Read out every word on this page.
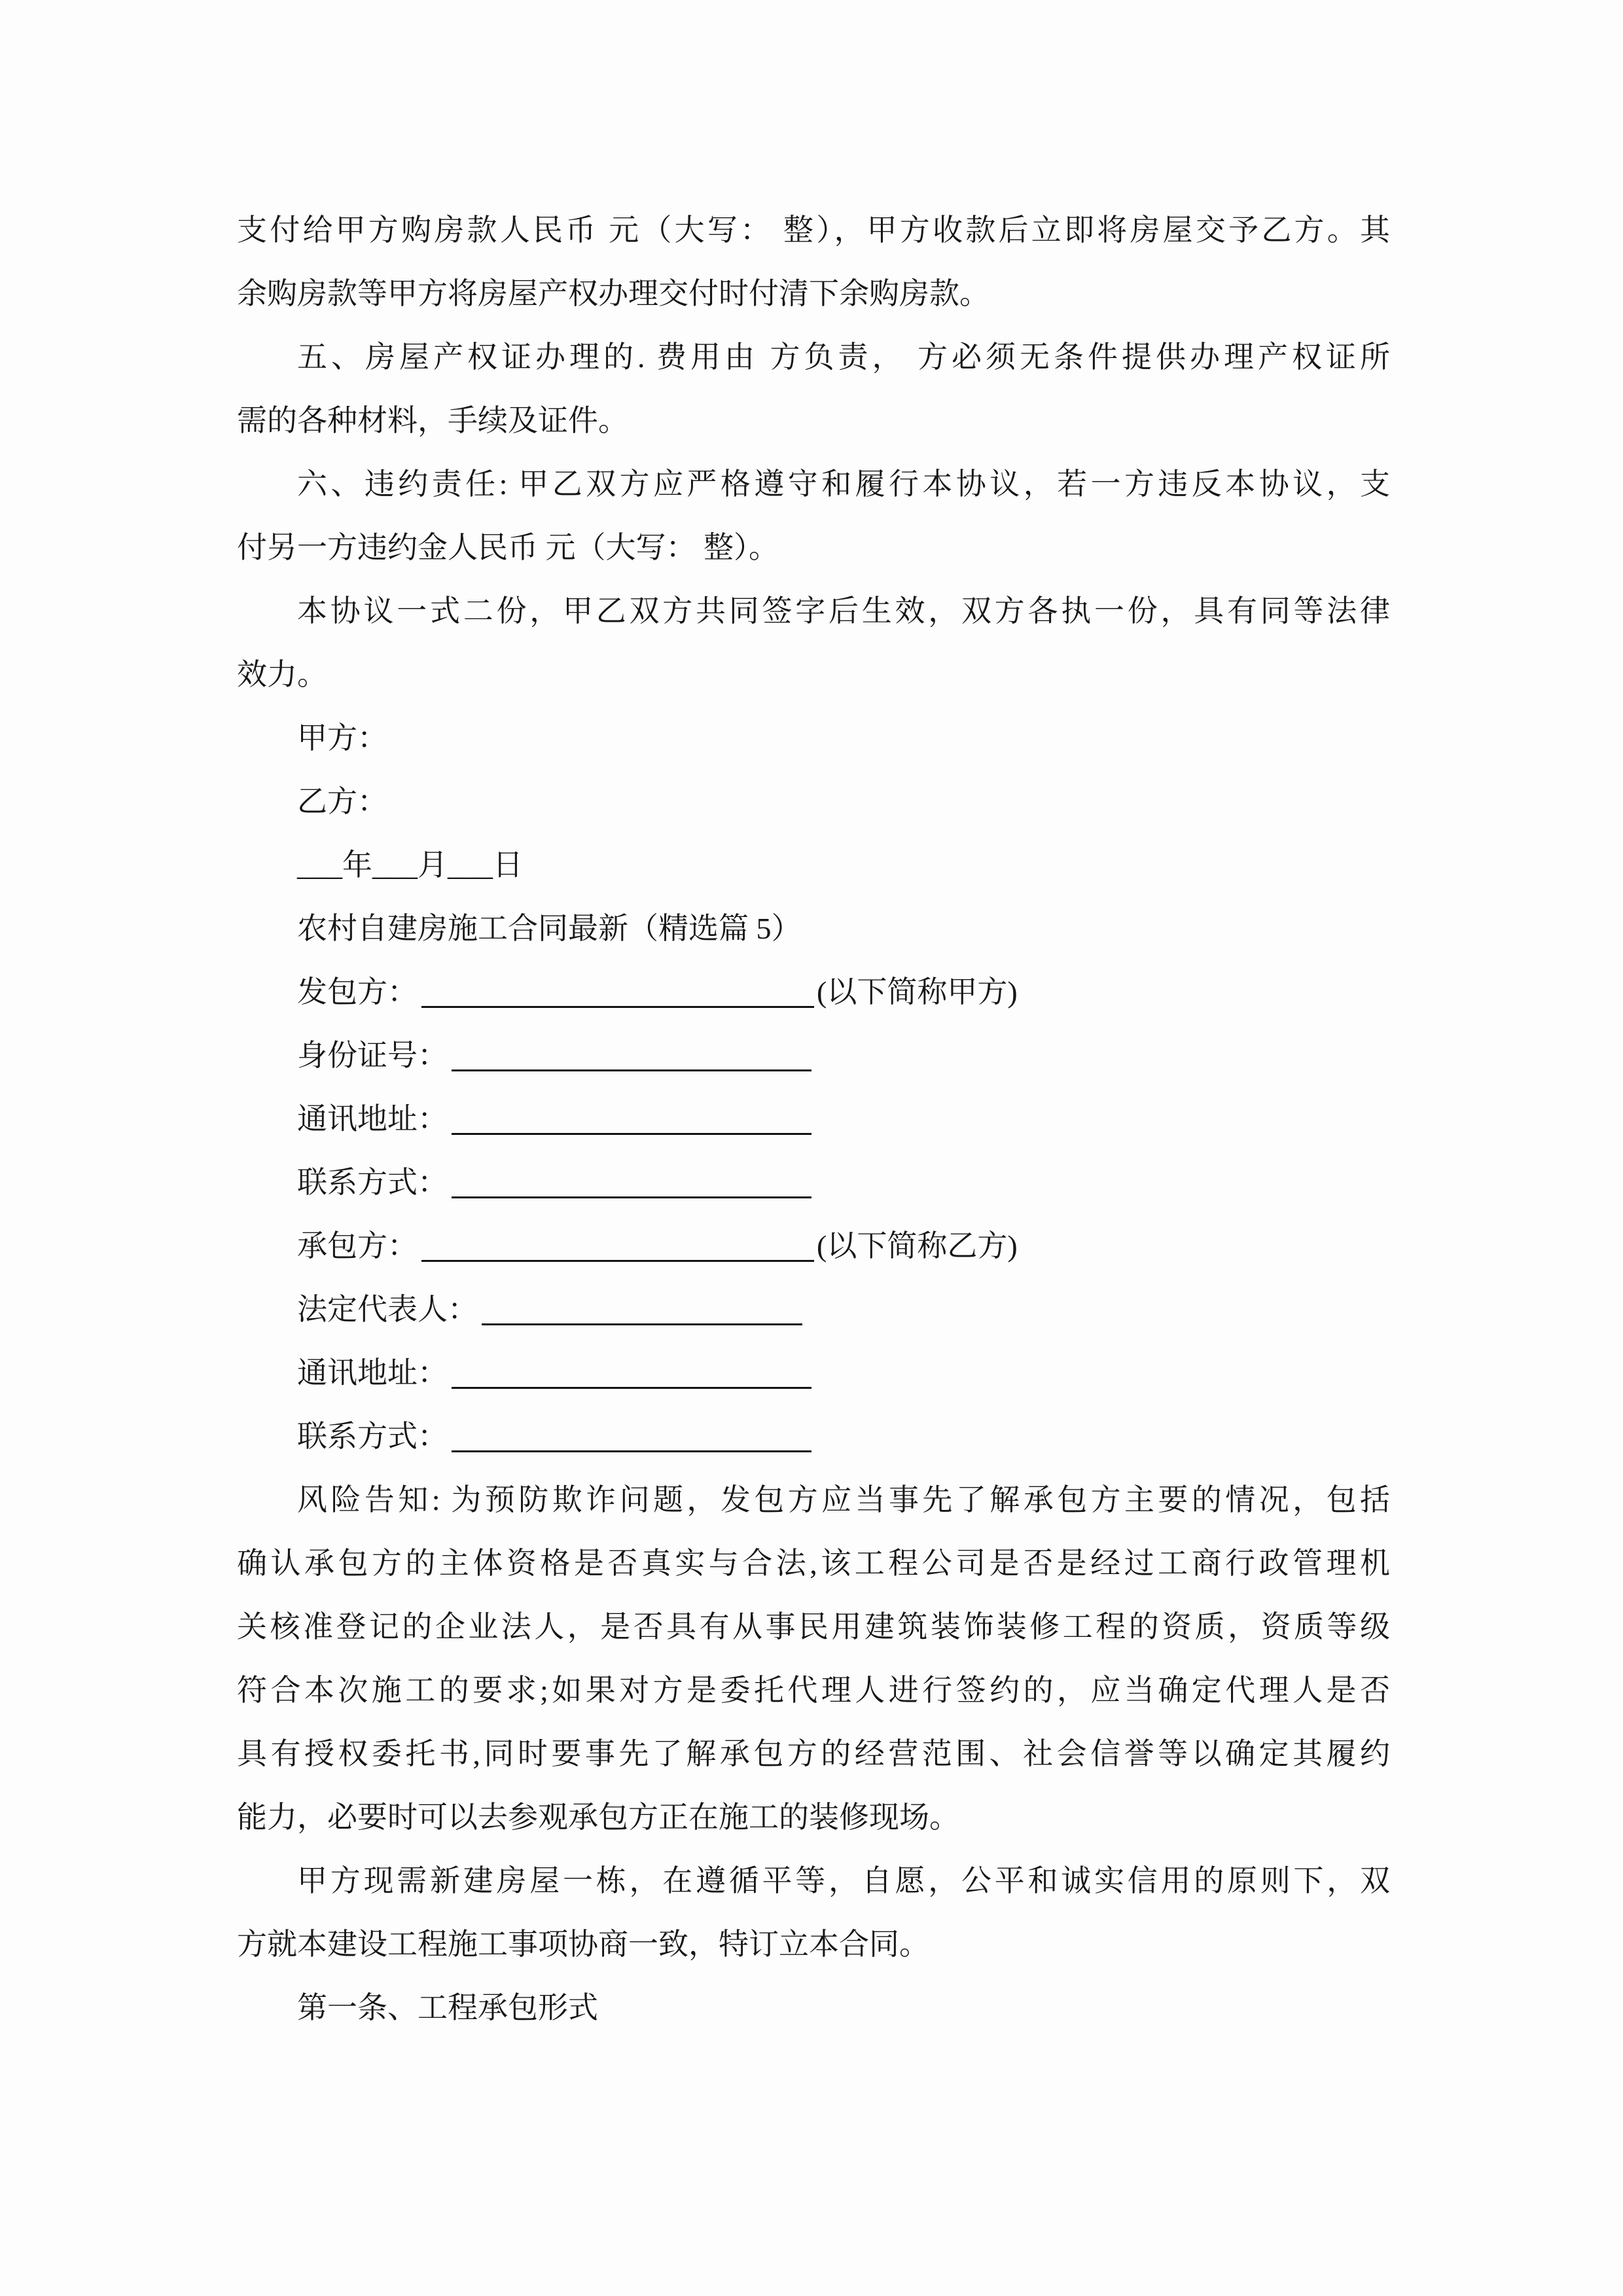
支付给甲方购房款人民币 元（大写： 整），甲方收款后立即将房屋交予乙方。其
余购房款等甲方将房屋产权办理交付时付清下余购房款。
五、房屋产权证办理的. 费用由 方负责， 方必须无条件提供办理产权证所
需的各种材料，手续及证件。
六、违约责任: 甲乙双方应严格遵守和履行本协议，若一方违反本协议，支
付另一方违约金人民币 元（大写： 整）。
本协议一式二份，甲乙双方共同签字后生效，双方各执一份，具有同等法律
效力。
甲方：
乙方：
___年___月___日
农村自建房施工合同最新（精选篇 5）
发包方：	(以下简称甲方)
身份证号：
通讯地址：
联系方式：
承包方：	(以下简称乙方)
法定代表人：
通讯地址：
联系方式：
风险告知: 为预防欺诈问题，发包方应当事先了解承包方主要的情况，包括
确认承包方的主体资格是否真实与合法,该工程公司是否是经过工商行政管理机
关核准登记的企业法人，是否具有从事民用建筑装饰装修工程的资质，资质等级
符合本次施工的要求;如果对方是委托代理人进行签约的，应当确定代理人是否
具有授权委托书,同时要事先了解承包方的经营范围、社会信誉等以确定其履约
能力，必要时可以去参观承包方正在施工的装修现场。
甲方现需新建房屋一栋，在遵循平等，自愿，公平和诚实信用的原则下，双
方就本建设工程施工事项协商一致，特订立本合同。
第一条、工程承包形式
